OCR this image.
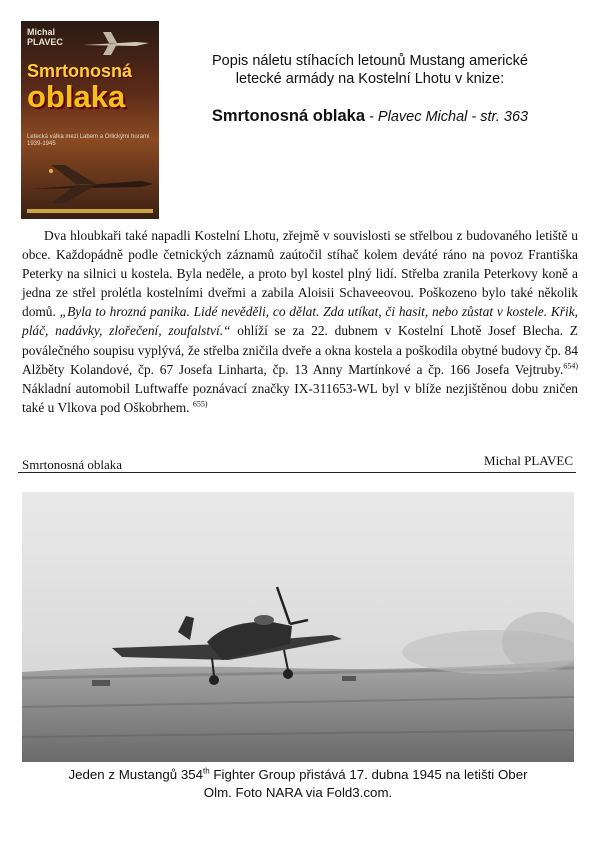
Michal
PLAVEC
Smrtonosná
oblaka
Letecká válka mezi Labem a Orlickými horami 1939-1945
Popis náletu stíhacích letounů Mustang americké
letecké armády na Kostelní Lhotu v knize:
Smrtonosná oblaka - Plavec Michal - str. 363
Dva hloubkaři také napadli Kostelní Lhotu, zřejmě v souvislosti se střelbou z budovaného letiště u obce. Každopádně podle četnických záznamů zaútočil stíhač kolem deváté ráno na povoz Františka Peterky na silnici u kostela. Byla neděle, a proto byl kostel plný lidí. Střelba zranila Peterkovy koně a jedna ze střel prolétla kostelními dveřmi a zabila Aloisii Schaveeovou. Poškozeno bylo také několik domů. „Byla to hrozná panika. Lidé nevěděli, co dělat. Zda utíkat, či hasit, nebo zůstat v kostele. Křik, pláč, nadávky, zlořečení, zoufalství.“ ohlíží se za 22. dubnem v Kostelní Lhotě Josef Blecha. Z poválečného soupisu vyplývá, že střelba zničila dveře a okna kostela a poškodila obytné budovy čp. 84 Alžběty Kolandové, čp. 67 Josefa Linharta, čp. 13 Anny Martínkové a čp. 166 Josefa Vejtruby.$^{654)}$ Nákladní automobil Luftwaffe poznávací značky IX-311653-WL byl v blíže nezjištěnou dobu zničen také u Vlkova pod Oškobrhem. $^{655)}$
Smrtonosná oblaka	Michal PLAVEC
Jeden z Mustangů 354th Fighter Group přistává 17. dubna 1945 na letišti Ober
Olm. Foto NARA via Fold3.com.
